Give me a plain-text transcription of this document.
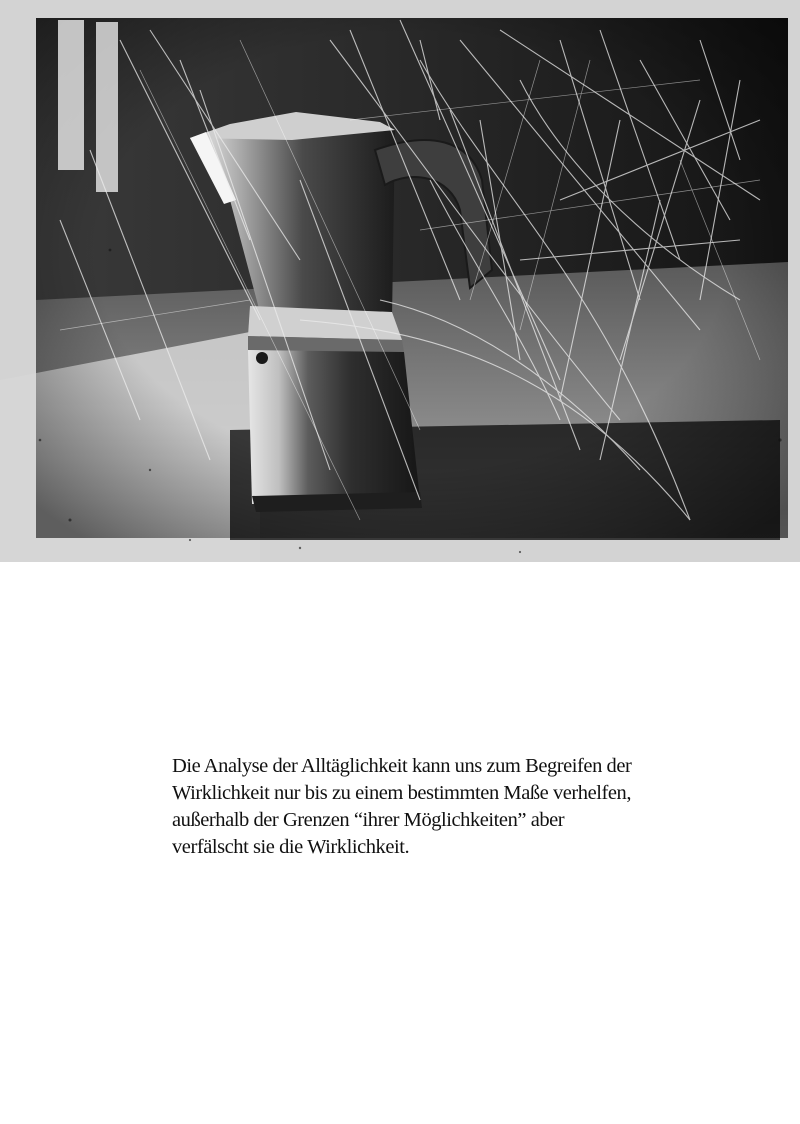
Die Analyse der Alltäglichkeit kann uns zum Begreifen der
Wirklichkeit nur bis zu einem bestimmten Maße verhelfen,
außerhalb der Grenzen “ihrer Möglichkeiten” aber
verfälscht sie die Wirklichkeit.
